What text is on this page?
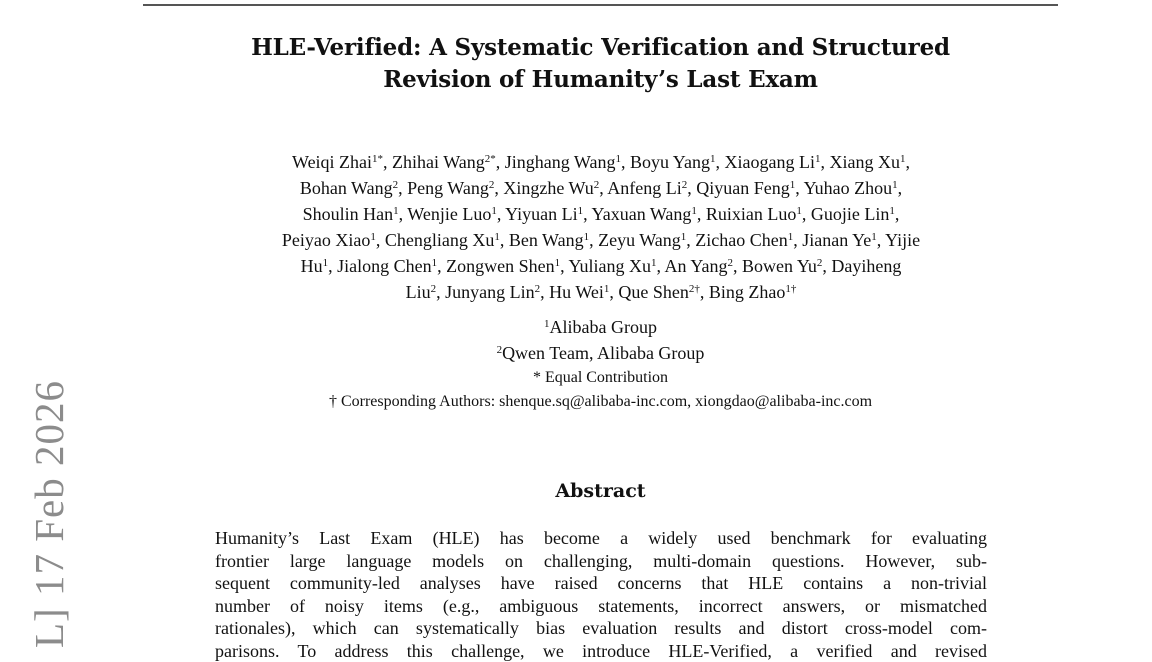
HLE-Verified: A Systematic Verification and Structured
Revision of Humanity’s Last Exam
Weiqi Zhai$^{1*}$, Zhihai Wang$^{2*}$, Jinghang Wang$^1$, Boyu Yang$^1$, Xiaogang Li$^1$, Xiang Xu$^1$,
Bohan Wang$^2$, Peng Wang$^2$, Xingzhe Wu$^2$, Anfeng Li$^2$, Qiyuan Feng$^1$, Yuhao Zhou$^1$,
Shoulin Han$^1$, Wenjie Luo$^1$, Yiyuan Li$^1$, Yaxuan Wang$^1$, Ruixian Luo$^1$, Guojie Lin$^1$,
Peiyao Xiao$^1$, Chengliang Xu$^1$, Ben Wang$^1$, Zeyu Wang$^1$, Zichao Chen$^1$, Jianan Ye$^1$, Yijie
Hu$^1$, Jialong Chen$^1$, Zongwen Shen$^1$, Yuliang Xu$^1$, An Yang$^2$, Bowen Yu$^2$, Dayiheng
Liu$^2$, Junyang Lin$^2$, Hu Wei$^1$, Que Shen$^{2\dagger}$, Bing Zhao$^{1\dagger}$
$^1$Alibaba Group
$^2$Qwen Team, Alibaba Group
* Equal Contribution
† Corresponding Authors: shenque.sq@alibaba-inc.com, xiongdao@alibaba-inc.com
Abstract
Humanity’s Last Exam (HLE) has become a widely used benchmark for evaluating
frontier large language models on challenging, multi-domain questions. However, sub-
sequent community-led analyses have raised concerns that HLE contains a non-trivial
number of noisy items (e.g., ambiguous statements, incorrect answers, or mismatched
rationales), which can systematically bias evaluation results and distort cross-model com-
parisons. To address this challenge, we introduce HLE-Verified, a verified and revised
L] 17 Feb 2026
